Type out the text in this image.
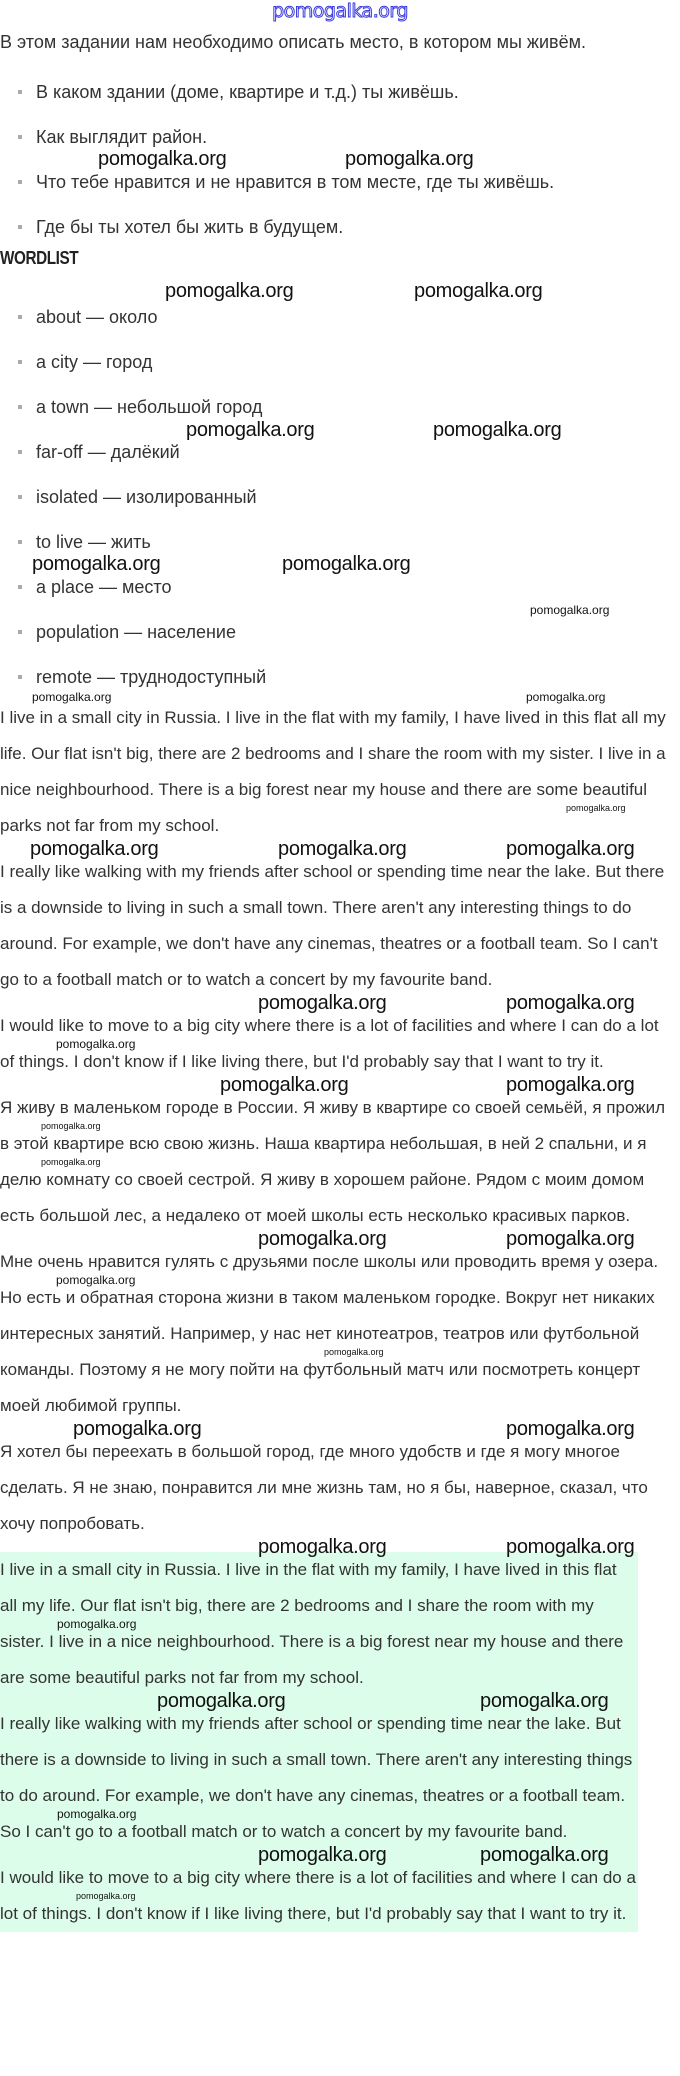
pomogalka.org
В этом задании нам необходимо описать место, в котором мы живём.
В каком здании (доме, квартире и т.д.) ты живёшь.
Как выглядит район.
Что тебе нравится и не нравится в том месте, где ты живёшь.
Где бы ты хотел бы жить в будущем.
WORDLIST
about — около
a city — город
a town — небольшой город
far-off — далёкий
isolated — изолированный
to live — жить
a place — место
population — население
remote — труднодоступный
pomogalka.org	pomogalka.org
pomogalka.org	pomogalka.org
pomogalka.org	pomogalka.org
pomogalka.org	pomogalka.org
pomogalka.org
pomogalka.org	pomogalka.org

I live in a small city in Russia. I live in the flat with my family, I have lived in this flat all my life. Our flat isn't big, there are 2 bedrooms and I share the room with my sister. I live in a nice neighbourhood. There is a big forest near my house and there are some beautiful parks not far from my school.
pomogalka.org

pomogalka.org	pomogalka.org	pomogalka.org

I really like walking with my friends after school or spending time near the lake. But there is a downside to living in such a small town. There aren't any interesting things to do around. For example, we don't have any cinemas, theatres or a football team. So I can't go to a football match or to watch a concert by my favourite band.

pomogalka.org	pomogalka.org

I would like to move to a big city where there is a lot of facilities and where I can do a lot of things. I don't know if I like living there, but I'd probably say that I want to try it.
pomogalka.org

pomogalka.org	pomogalka.org

Я живу в маленьком городе в России. Я живу в квартире со своей семьёй, я прожил в этой квартире всю свою жизнь. Наша квартира небольшая, в ней 2 спальни, и я делю комнату со своей сестрой. Я живу в хорошем районе. Рядом с моим домом есть большой лес, а недалеко от моей школы есть несколько красивых парков.
pomogalka.org
pomogalka.org

pomogalka.org	pomogalka.org

Мне очень нравится гулять с друзьями после школы или проводить время у озера. Но есть и обратная сторона жизни в таком маленьком городке. Вокруг нет никаких интересных занятий. Например, у нас нет кинотеатров, театров или футбольной команды. Поэтому я не могу пойти на футбольный матч или посмотреть концерт моей любимой группы.
pomogalka.org
pomogalka.org

pomogalka.org	pomogalka.org

Я хотел бы переехать в большой город, где много удобств и где я могу многое сделать. Я не знаю, понравится ли мне жизнь там, но я бы, наверное, сказал, что хочу попробовать.

pomogalka.org	pomogalka.org

I live in a small city in Russia. I live in the flat with my family, I have lived in this flat all my life. Our flat isn't big, there are 2 bedrooms and I share the room with my sister. I live in a nice neighbourhood. There is a big forest near my house and there are some beautiful parks not far from my school.
pomogalka.org

pomogalka.org	pomogalka.org

I really like walking with my friends after school or spending time near the lake. But there is a downside to living in such a small town. There aren't any interesting things to do around. For example, we don't have any cinemas, theatres or a football team. So I can't go to a football match or to watch a concert by my favourite band.
pomogalka.org

pomogalka.org	pomogalka.org

I would like to move to a big city where there is a lot of facilities and where I can do a lot of things. I don't know if I like living there, but I'd probably say that I want to try it.
pomogalka.org
